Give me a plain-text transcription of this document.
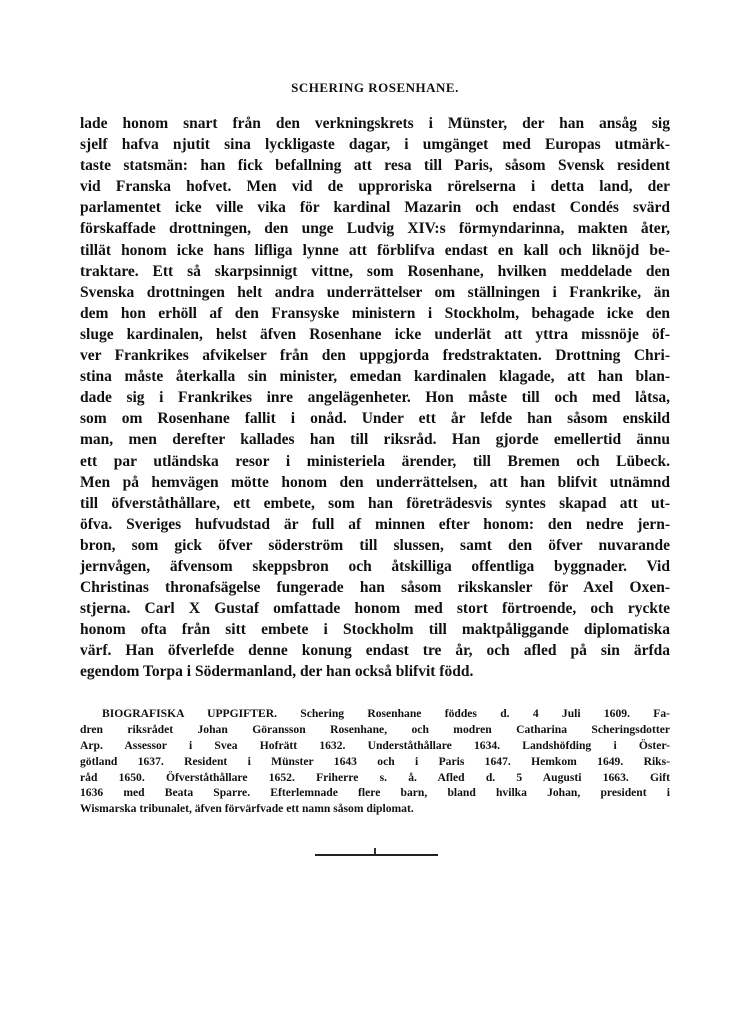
SCHERING ROSENHANE.
lade honom snart från den verkningskrets i Münster, der han ansåg sig
sjelf hafva njutit sina lyckligaste dagar, i umgänget med Europas utmärk-
taste statsmän: han fick befallning att resa till Paris, såsom Svensk resident
vid Franska hofvet. Men vid de upproriska rörelserna i detta land, der
parlamentet icke ville vika för kardinal Mazarin och endast Condés svärd
förskaffade drottningen, den unge Ludvig XIV:s förmyndarinna, makten åter,
tillät honom icke hans lifliga lynne att förblifva endast en kall och liknöjd be-
traktare. Ett så skarpsinnigt vittne, som Rosenhane, hvilken meddelade den
Svenska drottningen helt andra underrättelser om ställningen i Frankrike, än
dem hon erhöll af den Fransyske ministern i Stockholm, behagade icke den
sluge kardinalen, helst äfven Rosenhane icke underlät att yttra missnöje öf-
ver Frankrikes afvikelser från den uppgjorda fredstraktaten. Drottning Chri-
stina måste återkalla sin minister, emedan kardinalen klagade, att han blan-
dade sig i Frankrikes inre angelägenheter. Hon måste till och med låtsa,
som om Rosenhane fallit i onåd. Under ett år lefde han såsom enskild
man, men derefter kallades han till riksråd. Han gjorde emellertid ännu
ett par utländska resor i ministeriela ärender, till Bremen och Lübeck.
Men på hemvägen mötte honom den underrättelsen, att han blifvit utnämnd
till öfverståthållare, ett embete, som han företrädesvis syntes skapad att ut-
öfva. Sveriges hufvudstad är full af minnen efter honom: den nedre jern-
bron, som gick öfver söderström till slussen, samt den öfver nuvarande
jernvågen, äfvensom skeppsbron och åtskilliga offentliga byggnader. Vid
Christinas thronafsägelse fungerade han såsom rikskansler för Axel Oxen-
stjerna. Carl X Gustaf omfattade honom med stort förtroende, och ryckte
honom ofta från sitt embete i Stockholm till maktpåliggande diplomatiska
värf. Han öfverlefde denne konung endast tre år, och afled på sin ärfda
egendom Torpa i Södermanland, der han också blifvit född.
BIOGRAFISKA UPPGIFTER. Schering Rosenhane föddes d. 4 Juli 1609. Fa-
dren riksrådet Johan Göransson Rosenhane, och modren Catharina Scheringsdotter
Arp. Assessor i Svea Hofrätt 1632. Underståthållare 1634. Landshöfding i Öster-
götland 1637. Resident i Münster 1643 och i Paris 1647. Hemkom 1649. Riks-
råd 1650. Öfverståthållare 1652. Friherre s. å. Afled d. 5 Augusti 1663. Gift
1636 med Beata Sparre. Efterlemnade flere barn, bland hvilka Johan, president i
Wismarska tribunalet, äfven förvärfvade ett namn såsom diplomat.
